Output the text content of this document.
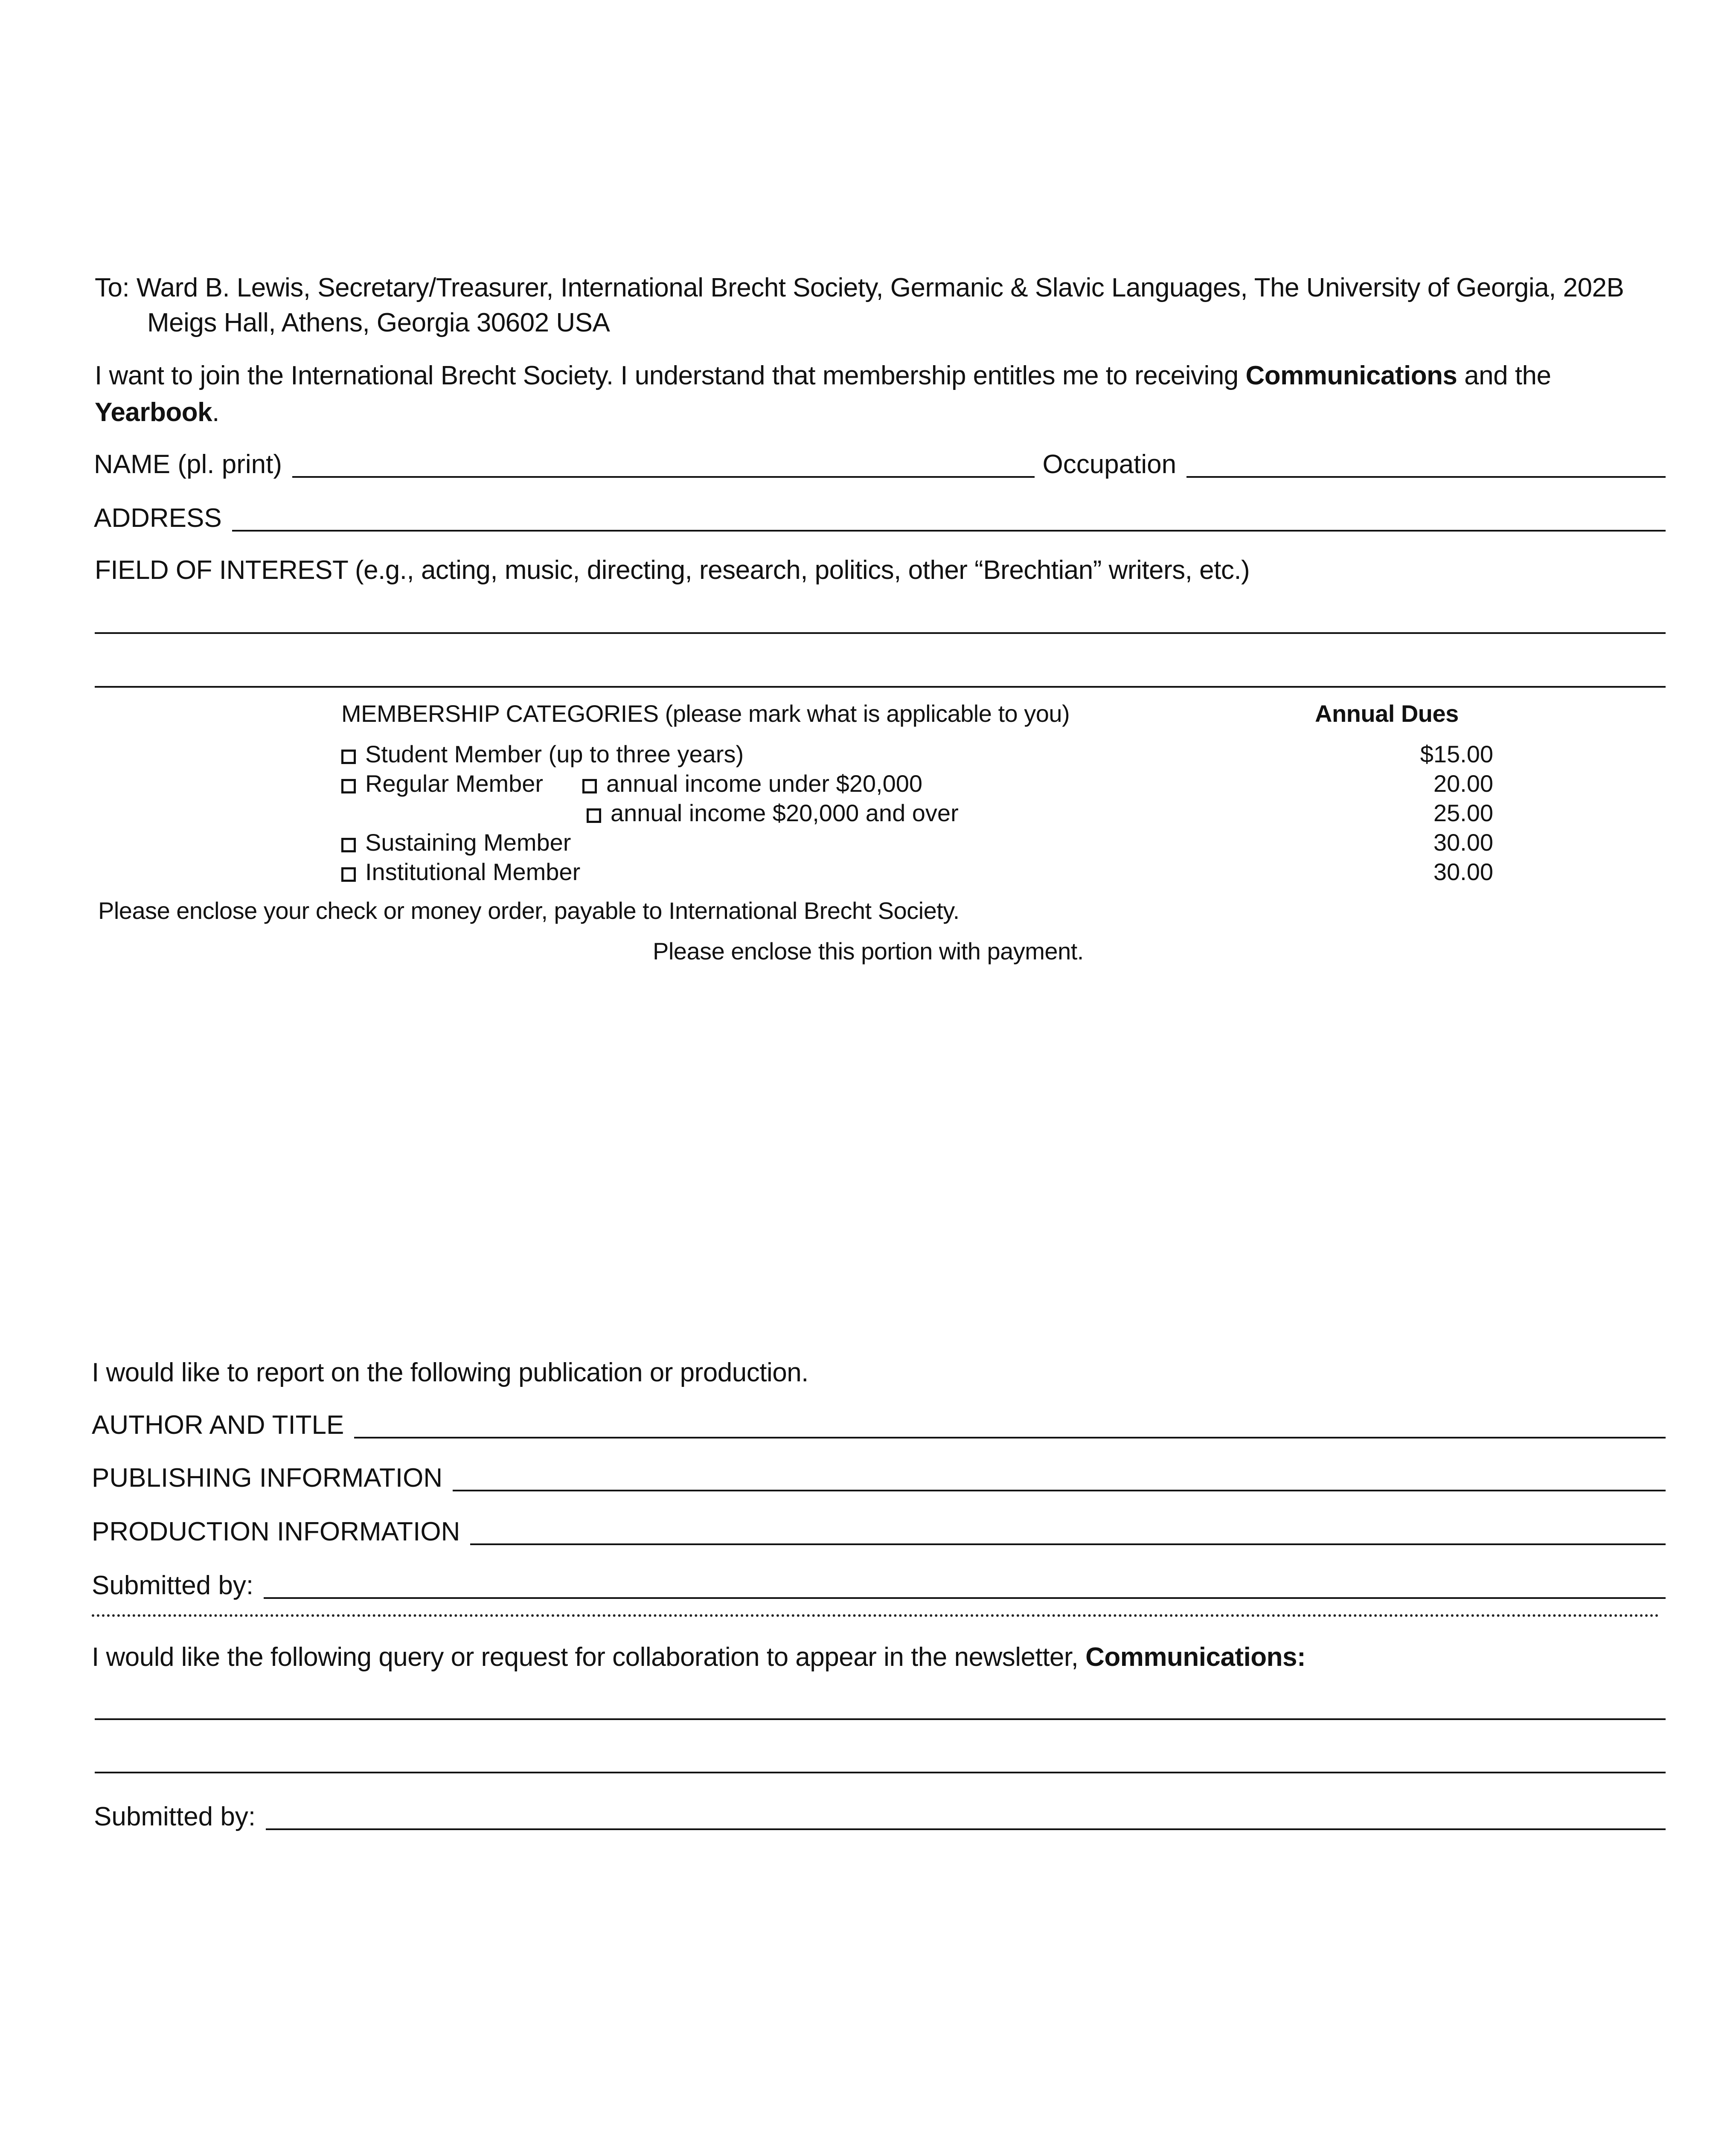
To: Ward B. Lewis, Secretary/Treasurer, International Brecht Society, Germanic & Slavic Languages, The University of Georgia, 202B
Meigs Hall, Athens, Georgia 30602 USA
I want to join the International Brecht Society. I understand that membership entitles me to receiving Communications and the
Yearbook.
NAME (pl. print)	Occupation
ADDRESS
FIELD OF INTEREST (e.g., acting, music, directing, research, politics, other “Brechtian” writers, etc.)
MEMBERSHIP CATEGORIES (please mark what is applicable to you)	Annual Dues
Student Member (up to three years)	$15.00
Regular Member	annual income under $20,000	20.00
annual income $20,000 and over	25.00
Sustaining Member	30.00
Institutional Member	30.00
Please enclose your check or money order, payable to International Brecht Society.
Please enclose this portion with payment.
I would like to report on the following publication or production.
AUTHOR AND TITLE
PUBLISHING INFORMATION
PRODUCTION INFORMATION
Submitted by:
I would like the following query or request for collaboration to appear in the newsletter, Communications:
Submitted by:
